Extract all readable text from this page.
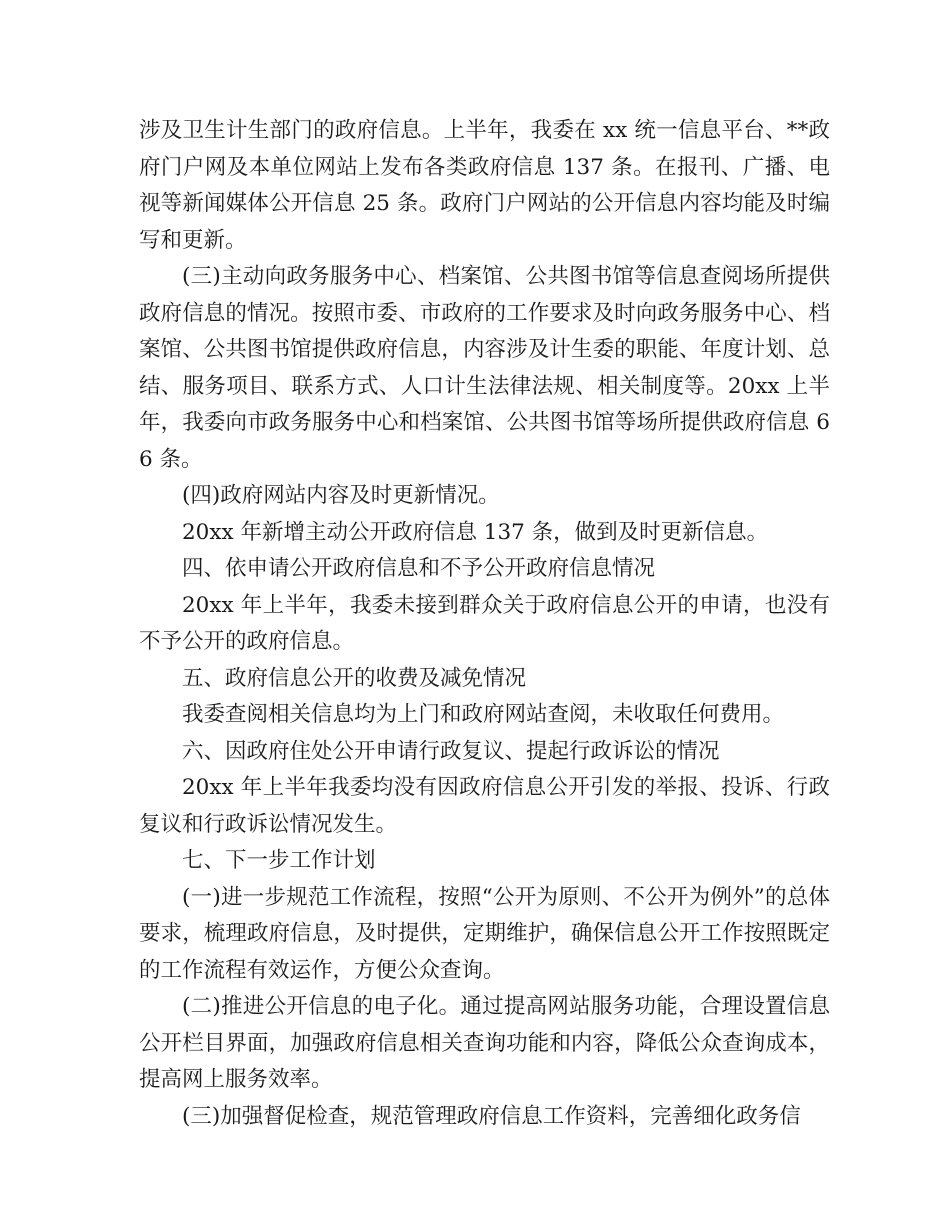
涉及卫生计生部门的政府信息。上半年，我委在 xx 统一信息平台、**政府门户网及本单位网站上发布各类政府信息 137 条。在报刊、广播、电视等新闻媒体公开信息 25 条。政府门户网站的公开信息内容均能及时编写和更新。

(三)主动向政务服务中心、档案馆、公共图书馆等信息查阅场所提供政府信息的情况。按照市委、市政府的工作要求及时向政务服务中心、档案馆、公共图书馆提供政府信息，内容涉及计生委的职能、年度计划、总结、服务项目、联系方式、人口计生法律法规、相关制度等。20xx 上半年，我委向市政务服务中心和档案馆、公共图书馆等场所提供政府信息 66 条。

(四)政府网站内容及时更新情况。

20xx 年新增主动公开政府信息 137 条，做到及时更新信息。

四、依申请公开政府信息和不予公开政府信息情况

20xx 年上半年，我委未接到群众关于政府信息公开的申请，也没有不予公开的政府信息。

五、政府信息公开的收费及减免情况

我委查阅相关信息均为上门和政府网站查阅，未收取任何费用。

六、因政府住处公开申请行政复议、提起行政诉讼的情况

20xx 年上半年我委均没有因政府信息公开引发的举报、投诉、行政复议和行政诉讼情况发生。

七、下一步工作计划

(一)进一步规范工作流程，按照“公开为原则、不公开为例外”的总体要求，梳理政府信息，及时提供，定期维护，确保信息公开工作按照既定的工作流程有效运作，方便公众查询。

(二)推进公开信息的电子化。通过提高网站服务功能，合理设置信息公开栏目界面，加强政府信息相关查询功能和内容，降低公众查询成本，提高网上服务效率。

(三)加强督促检查，规范管理政府信息工作资料，完善细化政务信
